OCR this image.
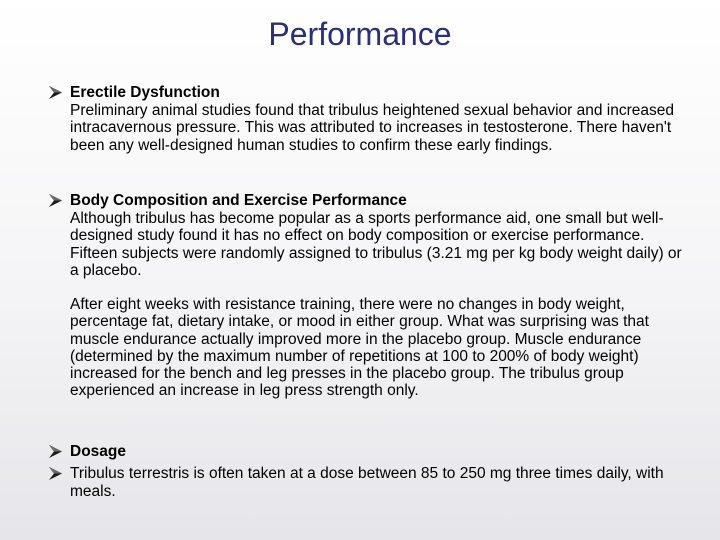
Performance
Erectile Dysfunction
Preliminary animal studies found that tribulus heightened sexual behavior and increased intracavernous pressure. This was attributed to increases in testosterone. There haven't been any well-designed human studies to confirm these early findings.
Body Composition and Exercise Performance
Although tribulus has become popular as a sports performance aid, one small but well-designed study found it has no effect on body composition or exercise performance. Fifteen subjects were randomly assigned to tribulus (3.21 mg per kg body weight daily) or a placebo.
After eight weeks with resistance training, there were no changes in body weight, percentage fat, dietary intake, or mood in either group. What was surprising was that muscle endurance actually improved more in the placebo group. Muscle endurance (determined by the maximum number of repetitions at 100 to 200% of body weight) increased for the bench and leg presses in the placebo group. The tribulus group experienced an increase in leg press strength only.
Dosage
Tribulus terrestris is often taken at a dose between 85 to 250 mg three times daily, with meals.
